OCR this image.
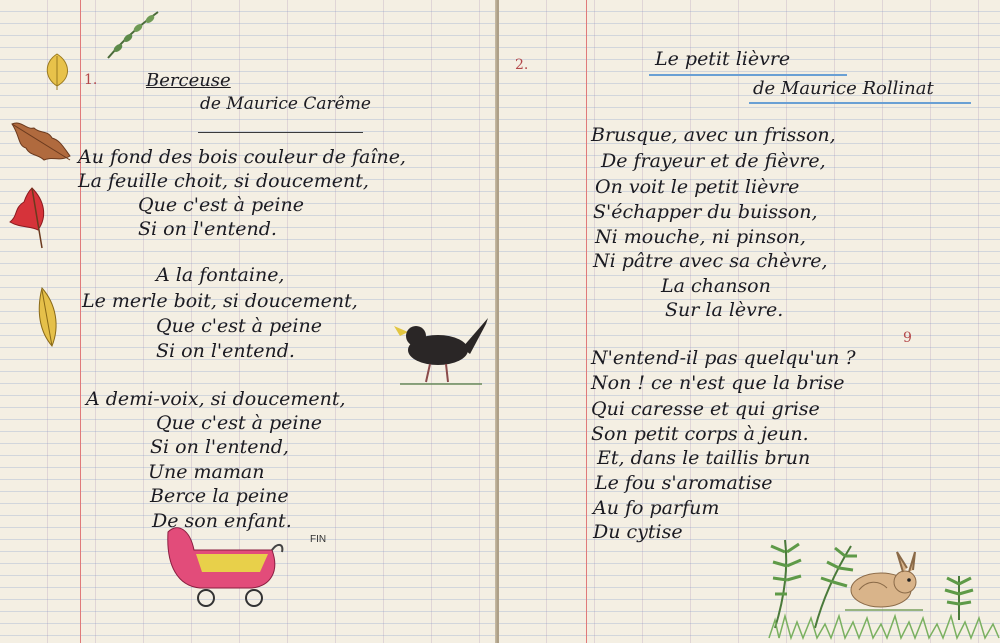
1.	Berceuse
de Maurice Carême
Au fond des bois couleur de faîne,
La feuille choit, si doucement,
Que c'est à peine
Si on l'entend.
A la fontaine,
Le merle boit, si doucement,
Que c'est à peine
Si on l'entend.
A demi-voix, si doucement,
Que c'est à peine
Si on l'entend,
Une maman
Berce la peine
De son enfant.
FIN
2.	Le petit lièvre
de Maurice Rollinat
Brusque, avec un frisson,
De frayeur et de fièvre,
On voit le petit lièvre
S'échapper du buisson,
Ni mouche, ni pinson,
Ni pâtre avec sa chèvre,
La chanson
Sur la lèvre.
9
N'entend-il pas quelqu'un ?
Non ! ce n'est que la brise
Qui caresse et qui grise
Son petit corps à jeun.
Et, dans le taillis brun
Le fou s'aromatise
Au fo parfum
Du cytise
